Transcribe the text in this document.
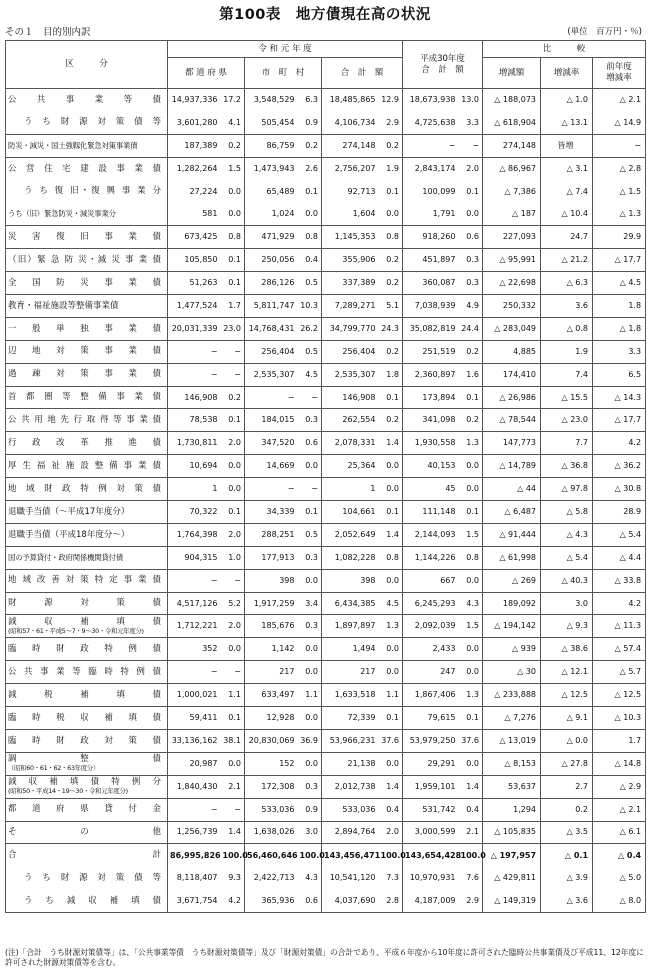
第100表　地方債現在高の状況
その１　目的別内訳	(単位　百万円・％)
区　　　分	令 和 元 年 度						平成30年度
合　計　額		比　　　較		
	都 道 府 県		市　町　村		合　計　額				増減額	増減率	前年度
増減率

公　共　事　業　等　債	14,937,336	17.2	3,548,529	6.3	18,485,865	12.9	18,673,938	13.0	△ 188,073	△ 1.0	△ 2.1
う ち 財 源 対 策 債 等	3,601,280	4.1	505,454	0.9	4,106,734	2.9	4,725,638	3.3	△ 618,904	△ 13.1	△ 14.9
防災・減災・国土強靱化緊急対策事業債	187,389	0.2	86,759	0.2	274,148	0.2	−	−	274,148	皆増	−
公 営 住 宅 建 設 事 業 債	1,282,264	1.5	1,473,943	2.6	2,756,207	1.9	2,843,174	2.0	△ 86,967	△ 3.1	△ 2.8
う ち 復 旧・復 興 事 業 分	27,224	0.0	65,489	0.1	92,713	0.1	100,099	0.1	△ 7,386	△ 7.4	△ 1.5
うち（旧）緊急防災・減災事業分	581	0.0	1,024	0.0	1,604	0.0	1,791	0.0	△ 187	△ 10.4	△ 1.3
災　害　復　旧　事　業　債	673,425	0.8	471,929	0.8	1,145,353	0.8	918,260	0.6	227,093	24.7	29.9
（旧）緊 急 防 災・減 災 事 業 債	105,850	0.1	250,056	0.4	355,906	0.2	451,897	0.3	△ 95,991	△ 21.2	△ 17.7
全　国　防　災　事　業　債	51,263	0.1	286,126	0.5	337,389	0.2	360,087	0.3	△ 22,698	△ 6.3	△ 4.5
教育・福祉施設等整備事業債	1,477,524	1.7	5,811,747	10.3	7,289,271	5.1	7,038,939	4.9	250,332	3.6	1.8
一　般　単　独　事　業　債	20,031,339	23.0	14,768,431	26.2	34,799,770	24.3	35,082,819	24.4	△ 283,049	△ 0.8	△ 1.8
辺　地　対　策　事　業　債	−	−	256,404	0.5	256,404	0.2	251,519	0.2	4,885	1.9	3.3
過　疎　対　策　事　業　債	−	−	2,535,307	4.5	2,535,307	1.8	2,360,897	1.6	174,410	7.4	6.5
首 都 圏 等 整 備 事 業 債	146,908	0.2	−	−	146,908	0.1	173,894	0.1	△ 26,986	△ 15.5	△ 14.3
公共用地先行取得等事業債	78,538	0.1	184,015	0.3	262,554	0.2	341,098	0.2	△ 78,544	△ 23.0	△ 17.7
行 政 改 革 推 進 債	1,730,811	2.0	347,520	0.6	2,078,331	1.4	1,930,558	1.3	147,773	7.7	4.2
厚 生 福 祉 施 設 整 備 事 業 債	10,694	0.0	14,669	0.0	25,364	0.0	40,153	0.0	△ 14,789	△ 36.8	△ 36.2
地 域 財 政 特 例 対 策 債	1	0.0	−	−	1	0.0	45	0.0	△ 44	△ 97.8	△ 30.8
退職手当債（〜平成17年度分）	70,322	0.1	34,339	0.1	104,661	0.1	111,148	0.1	△ 6,487	△ 5.8	28.9
退職手当債（平成18年度分〜）	1,764,398	2.0	288,251	0.5	2,052,649	1.4	2,144,093	1.5	△ 91,444	△ 4.3	△ 5.4
国の予算貸付・政府関係機関貸付債	904,315	1.0	177,913	0.3	1,082,228	0.8	1,144,226	0.8	△ 61,998	△ 5.4	△ 4.4
地 域 改 善 対 策 特 定 事 業 債	−	−	398	0.0	398	0.0	667	0.0	△ 269	△ 40.3	△ 33.8
財　　源　　対　　策　　債	4,517,126	5.2	1,917,259	3.4	6,434,385	4.5	6,245,293	4.3	189,092	3.0	4.2

減　　収　　補　　填　　債
(昭和57・61・平成5〜7・9〜30・令和元年度分)	1,712,221	2.0	185,676	0.3	1,897,897	1.3	2,092,039	1.5	△ 194,142	△ 9.3	△ 11.3
臨　時　財　政　特　例　債	352	0.0	1,142	0.0	1,494	0.0	2,433	0.0	△ 939	△ 38.6	△ 57.4
公 共 事 業 等 臨 時 特 例 債	−	−	217	0.0	217	0.0	247	0.0	△ 30	△ 12.1	△ 5.7
減　　税　　補　　填　　債	1,000,021	1.1	633,497	1.1	1,633,518	1.1	1,867,406	1.3	△ 233,888	△ 12.5	△ 12.5
臨　時　税　収　補　填　債	59,411	0.1	12,928	0.0	72,339	0.1	79,615	0.1	△ 7,276	△ 9.1	△ 10.3
臨　時　財　政　対　策　債	33,136,162	38.1	20,830,069	36.9	53,966,231	37.6	53,979,250	37.6	△ 13,019	△ 0.0	1.7

調　　　　整　　　　債
（昭和60・61・62・63年度分）	20,987	0.0	152	0.0	21,138	0.0	29,291	0.0	△ 8,153	△ 27.8	△ 14.8

減 収 補 填 債 特 例 分
(昭和50・平成14・19〜30・令和元年度分)	1,840,430	2.1	172,308	0.3	2,012,738	1.4	1,959,101	1.4	53,637	2.7	△ 2.9
都　道　府　県　貸　付　金	−	−	533,036	0.9	533,036	0.4	531,742	0.4	1,294	0.2	△ 2.1
そ　　　　の　　　　他	1,256,739	1.4	1,638,026	3.0	2,894,764	2.0	3,000,599	2.1	△ 105,835	△ 3.5	△ 6.1
合　　　　　　　　　　計	86,995,826	100.0	56,460,646	100.0	143,456,471	100.0	143,654,428	100.0	△ 197,957	△ 0.1	△ 0.4
う ち 財 源 対 策 債 等	8,118,407	9.3	2,422,713	4.3	10,541,120	7.3	10,970,931	7.6	△ 429,811	△ 3.9	△ 5.0
う ち 減 収 補 填 債	3,671,754	4.2	365,936	0.6	4,037,690	2.8	4,187,009	2.9	△ 149,319	△ 3.6	△ 8.0
(注)「合計　うち財源対策債等」は、「公共事業等債　うち財源対策債等」及び「財源対策債」の合計であり、平成６年度から10年度に許可された臨時公共事業債及び平成11、12年度に許可された財源対策債等を含む。
